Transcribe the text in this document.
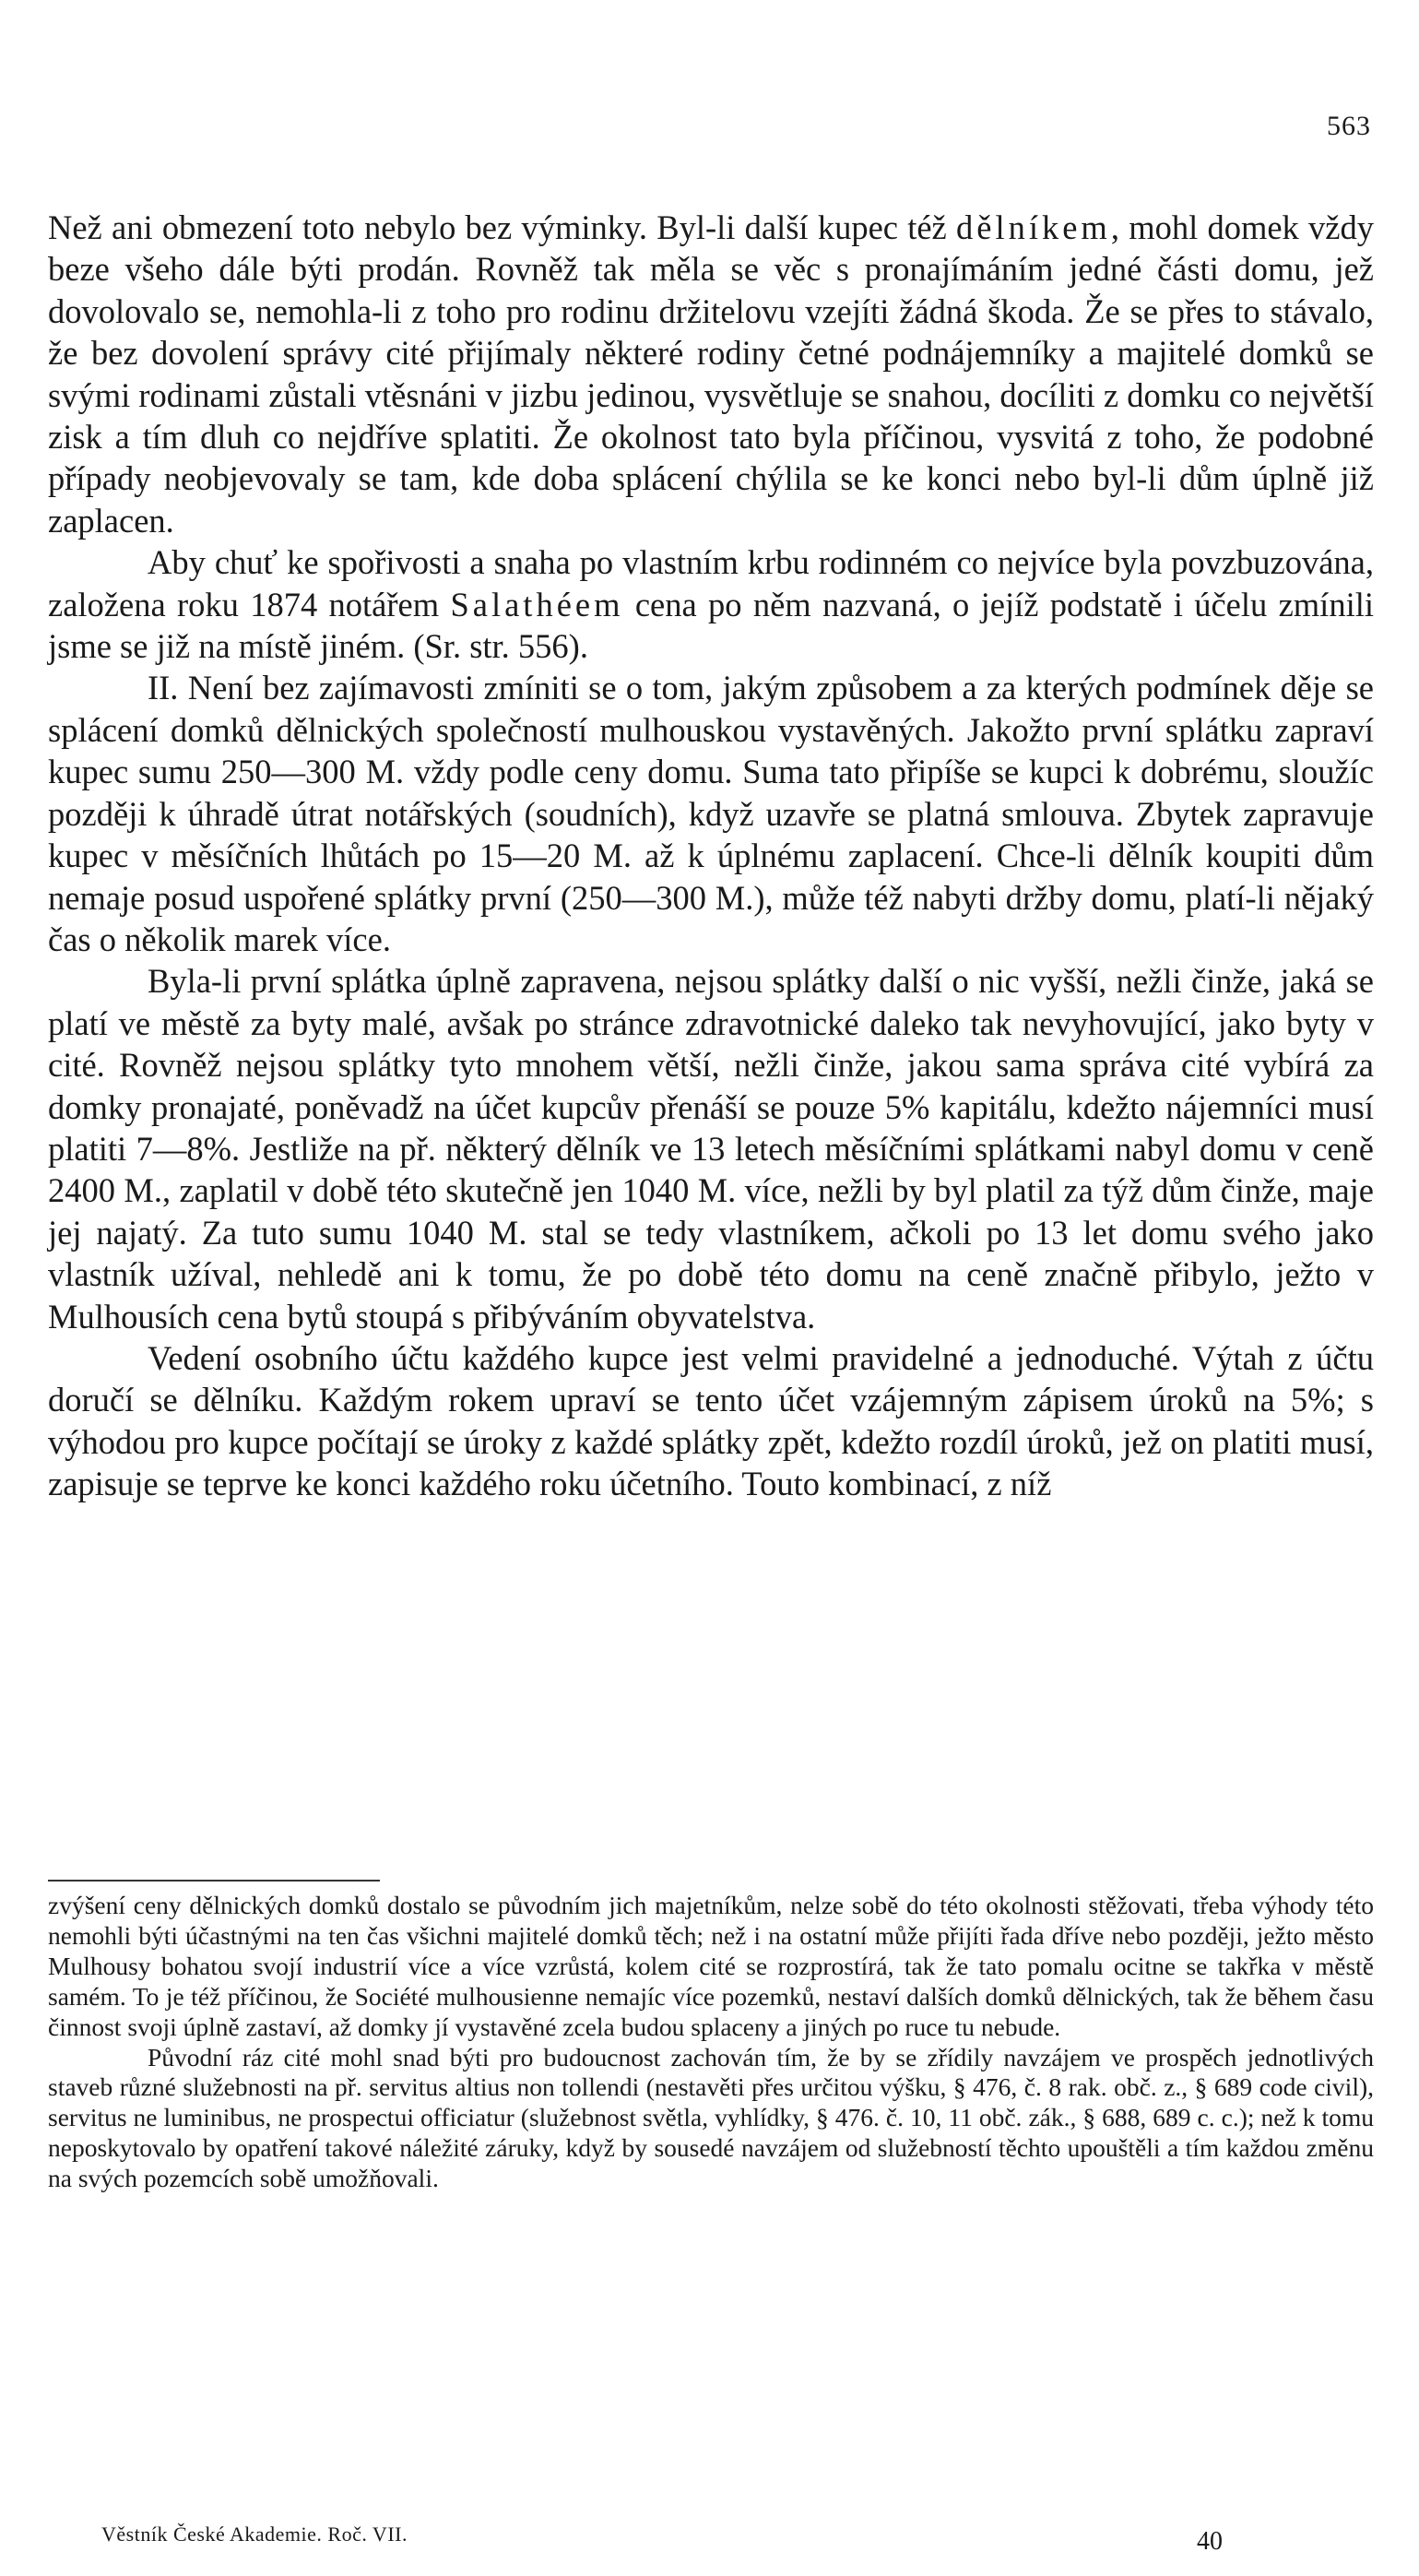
563

Než ani obmezení toto nebylo bez výminky. Byl-li další kupec též dělníkem, mohl domek vždy beze všeho dále býti prodán. Rovněž tak měla se věc s pronajímáním jedné části domu, jež dovolovalo se, nemohla-li z toho pro rodinu držitelovu vzejíti žádná škoda. Že se přes to stávalo, že bez dovolení správy cité přijímaly některé rodiny četné podnájemníky a majitelé domků se svými rodinami zůstali vtěsnáni v jizbu jedinou, vysvětluje se snahou, docíliti z domku co největší zisk a tím dluh co nejdříve splatiti. Že okolnost tato byla příčinou, vysvitá z toho, že podobné případy neobjevovaly se tam, kde doba splácení chýlila se ke konci nebo byl-li dům úplně již zaplacen.

Aby chuť ke spořivosti a snaha po vlastním krbu rodinném co nejvíce byla povzbuzována, založena roku 1874 notářem Salathéem cena po něm nazvaná, o jejíž podstatě i účelu zmínili jsme se již na místě jiném. (Sr. str. 556).

II. Není bez zajímavosti zmíniti se o tom, jakým způsobem a za kterých podmínek děje se splácení domků dělnických společností mulhouskou vystavěných. Jakožto první splátku zapraví kupec sumu 250—300 M. vždy podle ceny domu. Suma tato připíše se kupci k dobrému, sloužíc později k úhradě útrat notářských (soudních), když uzavře se platná smlouva. Zbytek zapravuje kupec v měsíčních lhůtách po 15—20 M. až k úplnému zaplacení. Chce-li dělník koupiti dům nemaje posud uspořené splátky první (250—300 M.), může též nabyti držby domu, platí-li nějaký čas o několik marek více.

Byla-li první splátka úplně zapravena, nejsou splátky další o nic vyšší, nežli činže, jaká se platí ve městě za byty malé, avšak po stránce zdravotnické daleko tak nevyhovující, jako byty v cité. Rovněž nejsou splátky tyto mnohem větší, nežli činže, jakou sama správa cité vybírá za domky pronajaté, poněvadž na účet kupcův přenáší se pouze 5% kapitálu, kdežto nájemníci musí platiti 7—8%. Jestliže na př. některý dělník ve 13 letech měsíčními splátkami nabyl domu v ceně 2400 M., zaplatil v době této skutečně jen 1040 M. více, nežli by byl platil za týž dům činže, maje jej najatý. Za tuto sumu 1040 M. stal se tedy vlastníkem, ačkoli po 13 let domu svého jako vlastník užíval, nehledě ani k tomu, že po době této domu na ceně značně přibylo, ježto v Mulhousích cena bytů stoupá s přibýváním obyvatelstva.

Vedení osobního účtu každého kupce jest velmi pravidelné a jednoduché. Výtah z účtu doručí se dělníku. Každým rokem upraví se tento účet vzájemným zápisem úroků na 5%; s výhodou pro kupce počítají se úroky z každé splátky zpět, kdežto rozdíl úroků, jež on platiti musí, zapisuje se teprve ke konci každého roku účetního. Touto kombinací, z níž

zvýšení ceny dělnických domků dostalo se původním jich majetníkům, nelze sobě do této okolnosti stěžovati, třeba výhody této nemohli býti účastnými na ten čas všichni majitelé domků těch; než i na ostatní může přijíti řada dříve nebo později, ježto město Mulhousy bohatou svojí industrií více a více vzrůstá, kolem cité se rozprostírá, tak že tato pomalu ocitne se takřka v městě samém. To je též příčinou, že Société mulhousienne nemajíc více pozemků, nestaví dalších domků dělnických, tak že během času činnost svoji úplně zastaví, až domky jí vystavěné zcela budou splaceny a jiných po ruce tu nebude.

Původní ráz cité mohl snad býti pro budoucnost zachován tím, že by se zřídily navzájem ve prospěch jednotlivých staveb různé služebnosti na př. servitus altius non tollendi (nestavěti přes určitou výšku, § 476, č. 8 rak. obč. z., § 689 code civil), servitus ne luminibus, ne prospectui officiatur (služebnost světla, vyhlídky, § 476. č. 10, 11 obč. zák., § 688, 689 c. c.); než k tomu neposkytovalo by opatření takové náležité záruky, když by sousedé navzájem od služebností těchto upouštěli a tím každou změnu na svých pozemcích sobě umožňovali.

Věstník České Akademie. Roč. VII.	40
